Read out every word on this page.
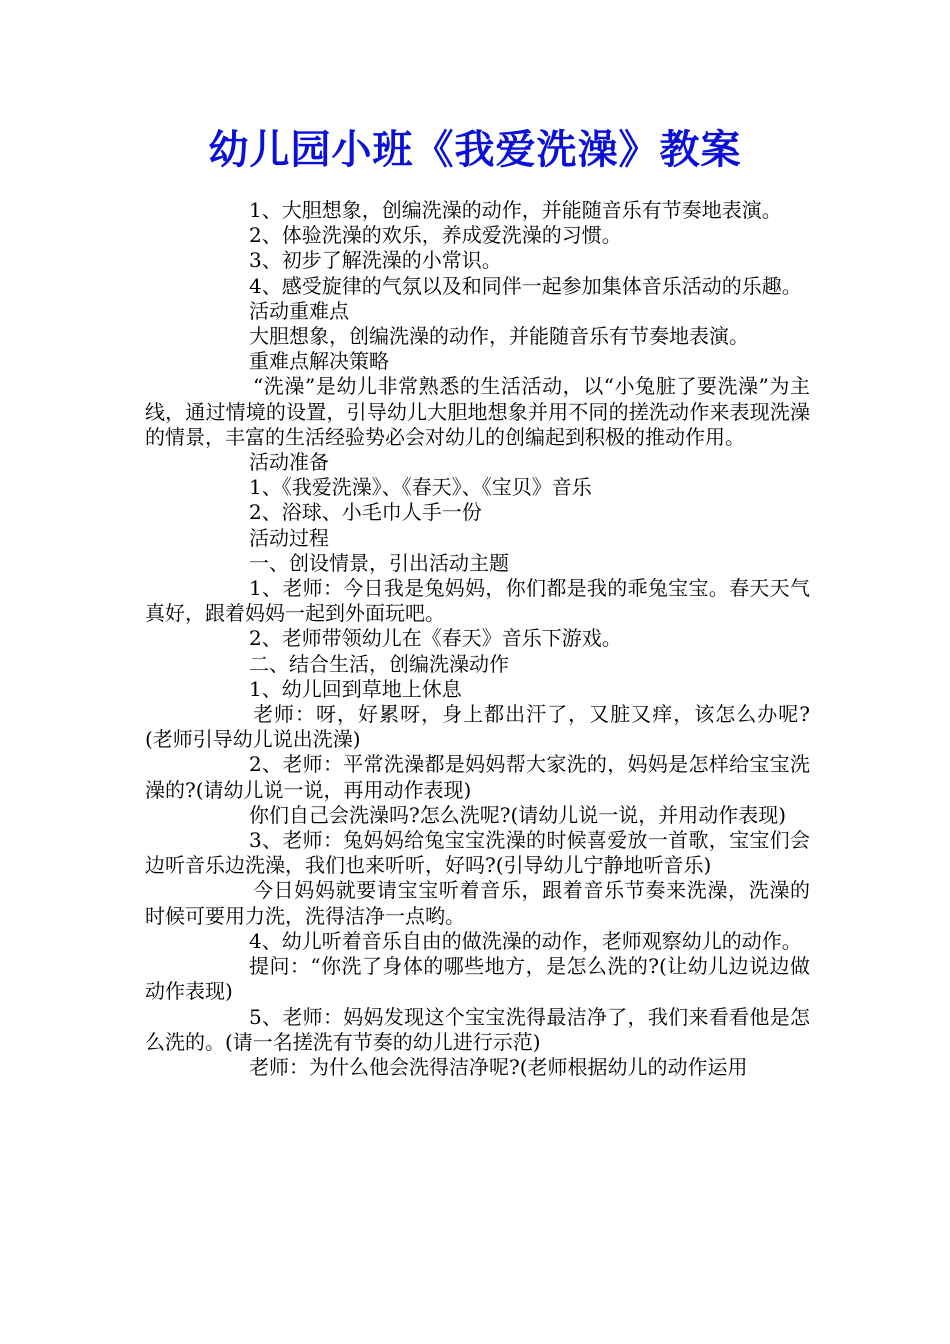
幼儿园小班《我爱洗澡》教案

1、大胆想象，创编洗澡的动作，并能随音乐有节奏地表演。

2、体验洗澡的欢乐，养成爱洗澡的习惯。

3、初步了解洗澡的小常识。

4、感受旋律的气氛以及和同伴一起参加集体音乐活动的乐趣。

活动重难点

大胆想象，创编洗澡的动作，并能随音乐有节奏地表演。

重难点解决策略

“洗澡”是幼儿非常熟悉的生活活动，以“小兔脏了要洗澡”为主线，通过情境的设置，引导幼儿大胆地想象并用不同的搓洗动作来表现洗澡的情景，丰富的生活经验势必会对幼儿的创编起到积极的推动作用。

活动准备

1、《我爱洗澡》、《春天》、《宝贝》音乐

2、浴球、小毛巾人手一份

活动过程

一、创设情景，引出活动主题

1、老师：今日我是兔妈妈，你们都是我的乖兔宝宝。春天天气真好，跟着妈妈一起到外面玩吧。

2、老师带领幼儿在《春天》音乐下游戏。

二、结合生活，创编洗澡动作

1、幼儿回到草地上休息

老师：呀，好累呀，身上都出汗了，又脏又痒，该怎么办呢?(老师引导幼儿说出洗澡)

2、老师：平常洗澡都是妈妈帮大家洗的，妈妈是怎样给宝宝洗澡的?(请幼儿说一说，再用动作表现)

你们自己会洗澡吗?怎么洗呢?(请幼儿说一说，并用动作表现)

3、老师：兔妈妈给兔宝宝洗澡的时候喜爱放一首歌，宝宝们会边听音乐边洗澡，我们也来听听，好吗?(引导幼儿宁静地听音乐)

今日妈妈就要请宝宝听着音乐，跟着音乐节奏来洗澡，洗澡的时候可要用力洗，洗得洁净一点哟。

4、幼儿听着音乐自由的做洗澡的动作，老师观察幼儿的动作。

提问：“你洗了身体的哪些地方，是怎么洗的?(让幼儿边说边做动作表现)

5、老师：妈妈发现这个宝宝洗得最洁净了，我们来看看他是怎么洗的。(请一名搓洗有节奏的幼儿进行示范)

老师：为什么他会洗得洁净呢?(老师根据幼儿的动作运用
